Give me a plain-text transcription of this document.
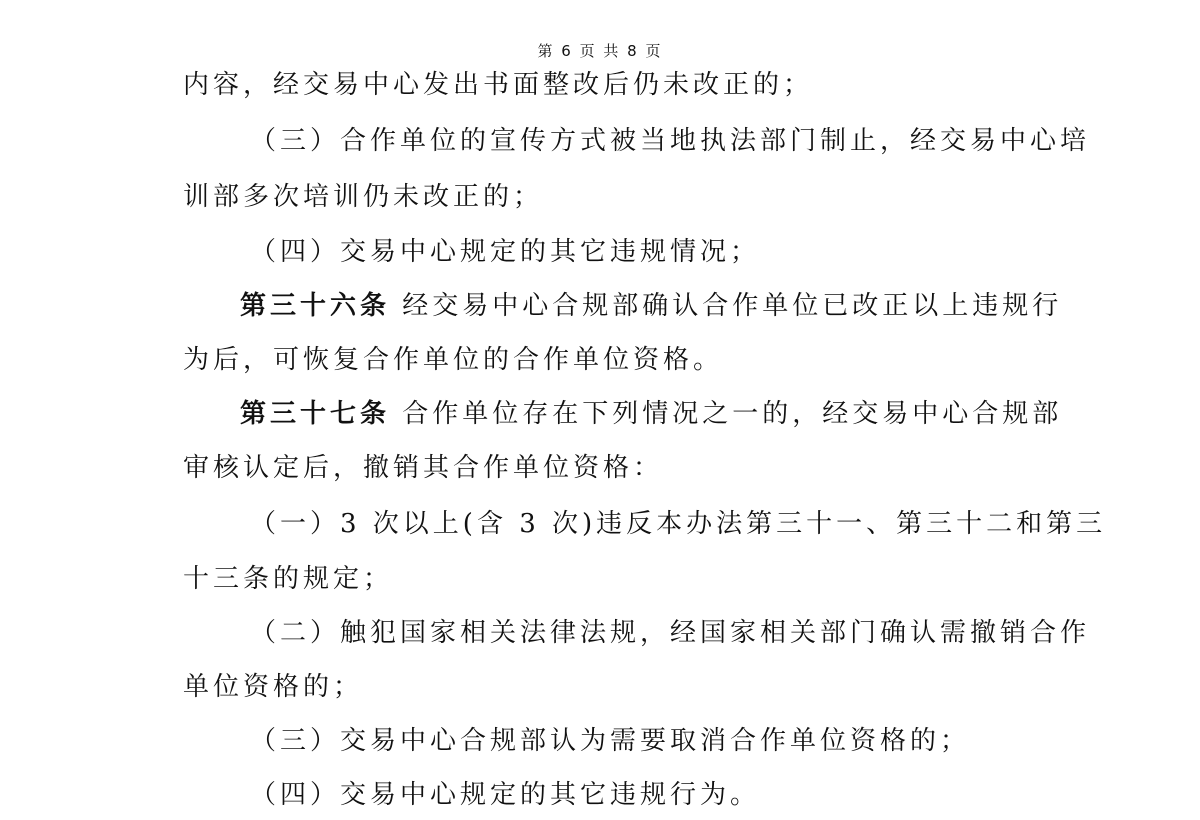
第 6 页 共 8 页
内容，经交易中心发出书面整改后仍未改正的；
（三）合作单位的宣传方式被当地执法部门制止，经交易中心培
训部多次培训仍未改正的；
（四）交易中心规定的其它违规情况；
第三十六条 经交易中心合规部确认合作单位已改正以上违规行
为后，可恢复合作单位的合作单位资格。
第三十七条 合作单位存在下列情况之一的，经交易中心合规部
审核认定后，撤销其合作单位资格：
（一）3 次以上(含 3 次)违反本办法第三十一、第三十二和第三
十三条的规定；
（二）触犯国家相关法律法规，经国家相关部门确认需撤销合作
单位资格的；
（三）交易中心合规部认为需要取消合作单位资格的；
（四）交易中心规定的其它违规行为。
